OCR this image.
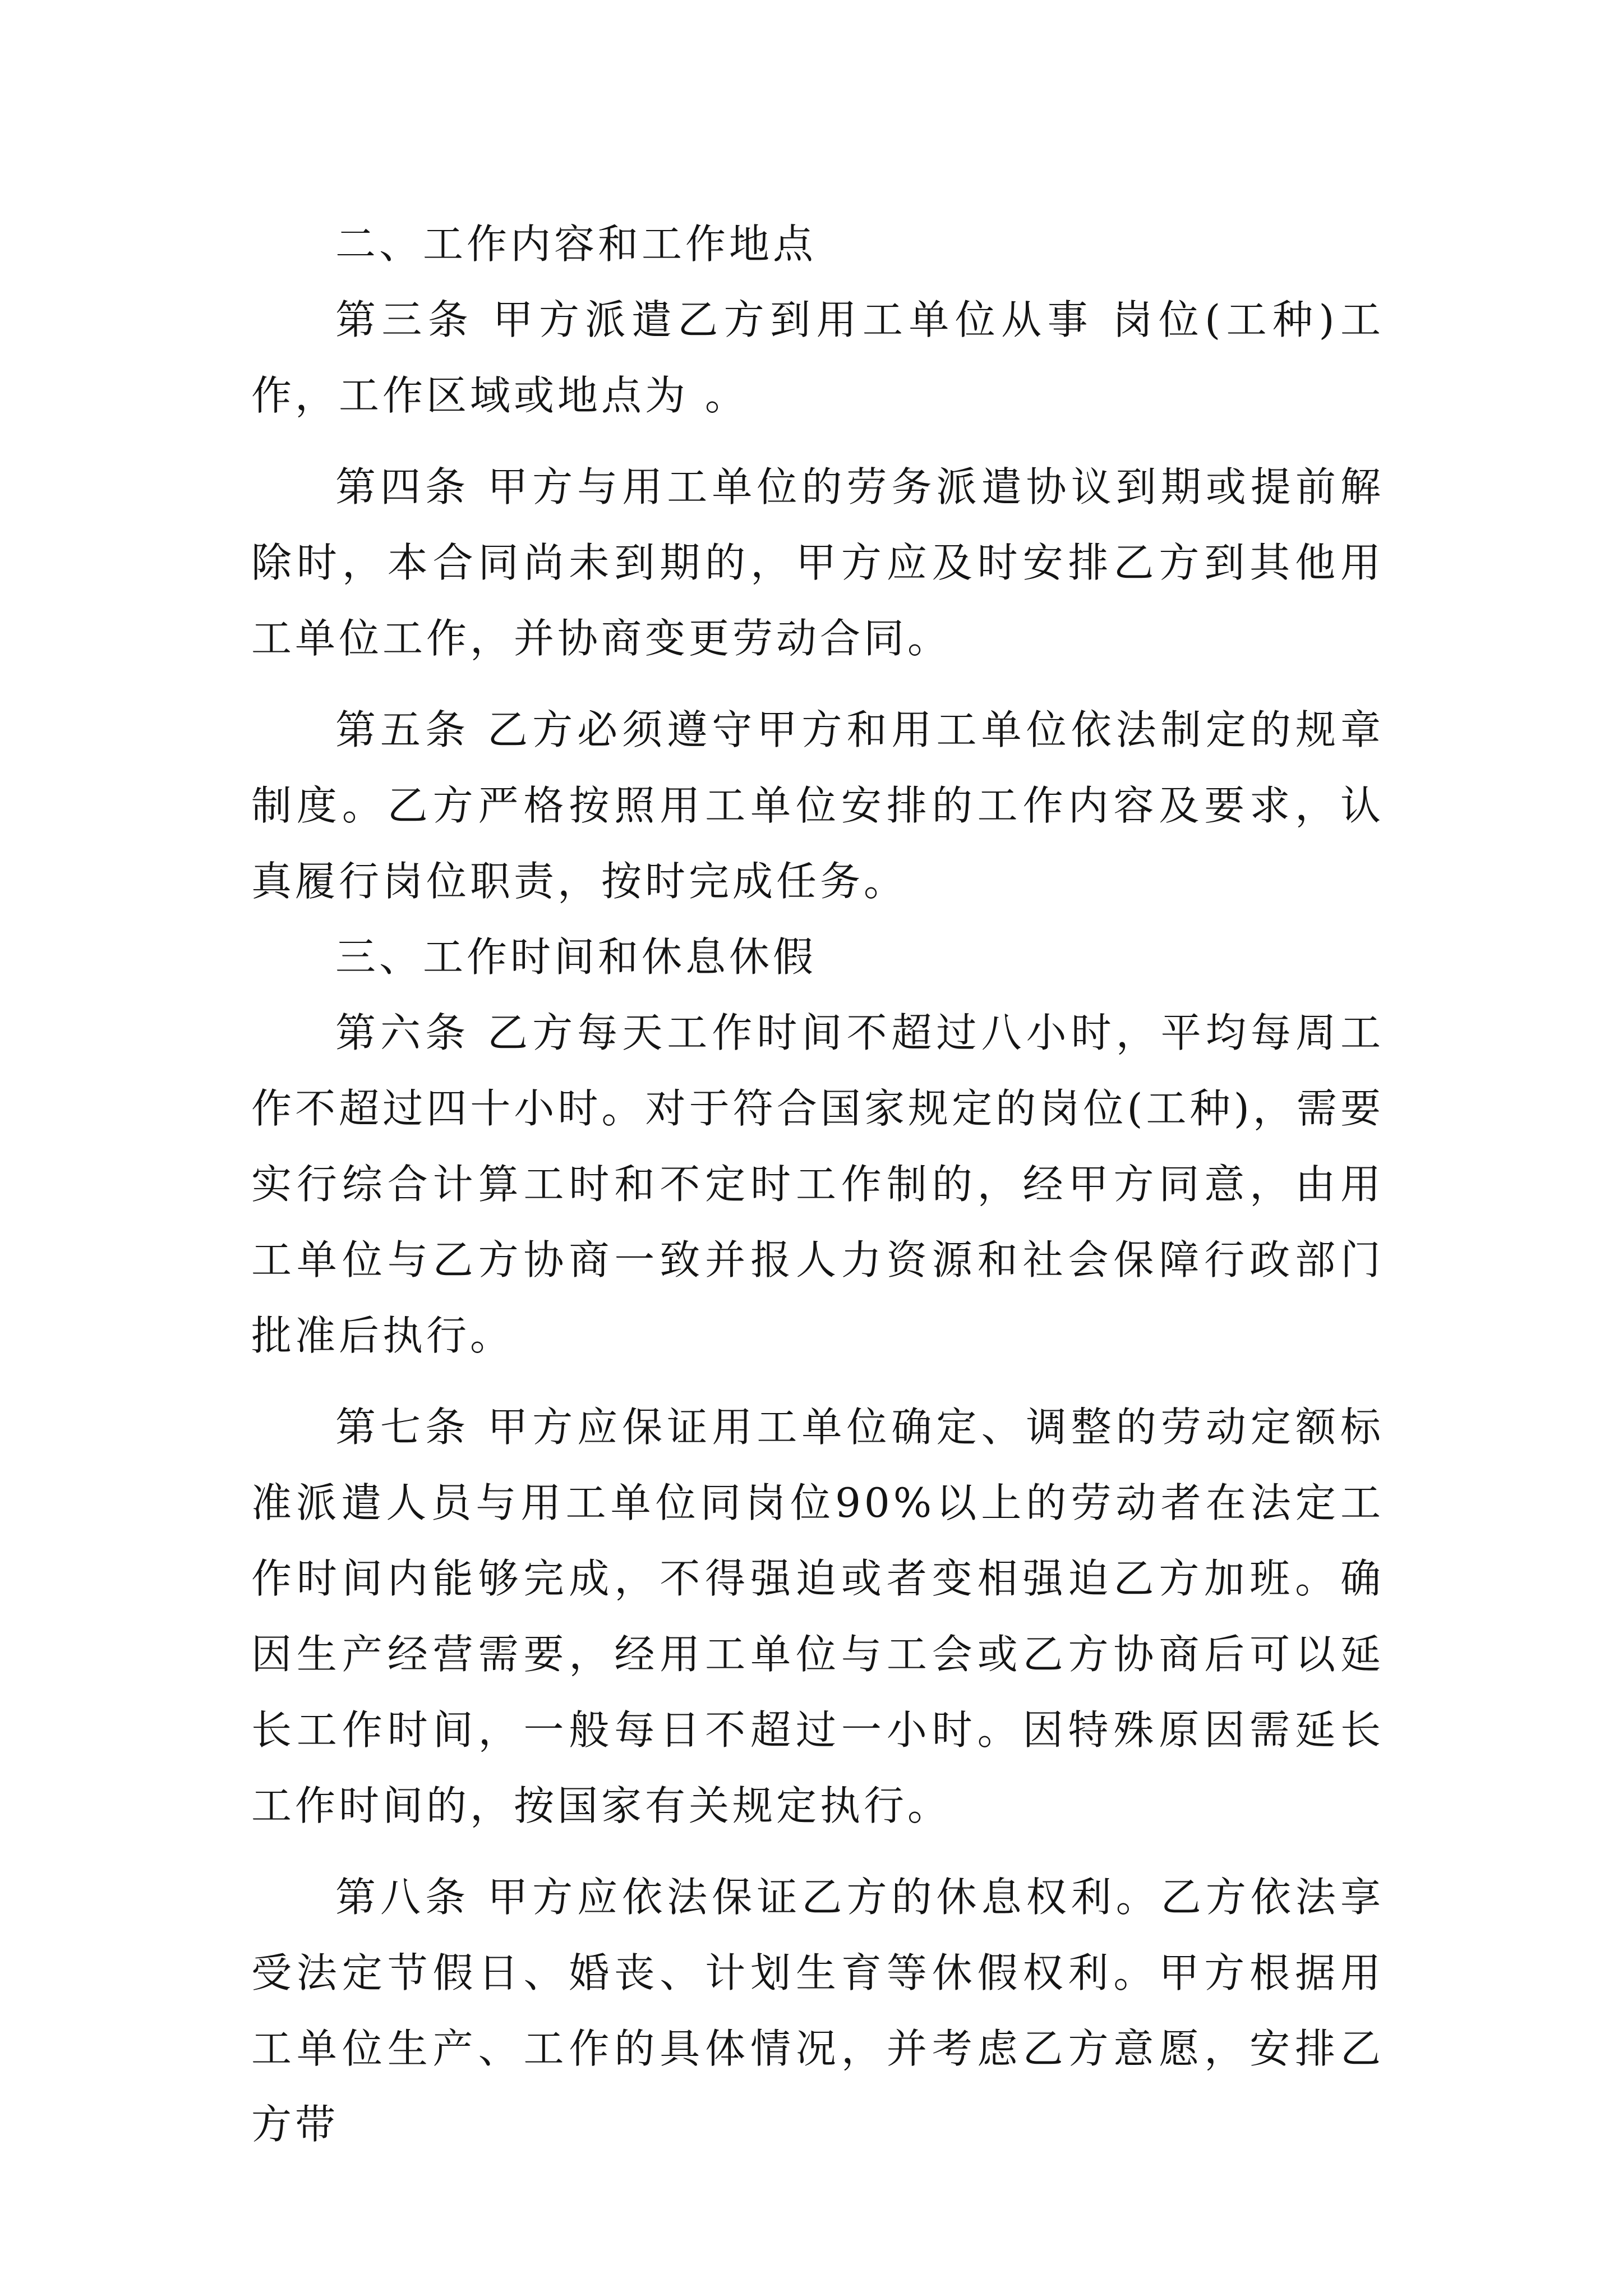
二、工作内容和工作地点

第三条 甲方派遣乙方到用工单位从事 岗位(工种)工作，工作区域或地点为 。

第四条 甲方与用工单位的劳务派遣协议到期或提前解除时，本合同尚未到期的，甲方应及时安排乙方到其他用工单位工作，并协商变更劳动合同。

第五条 乙方必须遵守甲方和用工单位依法制定的规章制度。乙方严格按照用工单位安排的工作内容及要求，认真履行岗位职责，按时完成任务。

三、工作时间和休息休假

第六条 乙方每天工作时间不超过八小时，平均每周工作不超过四十小时。对于符合国家规定的岗位(工种)，需要实行综合计算工时和不定时工作制的，经甲方同意，由用工单位与乙方协商一致并报人力资源和社会保障行政部门批准后执行。

第七条 甲方应保证用工单位确定、调整的劳动定额标准派遣人员与用工单位同岗位90%以上的劳动者在法定工作时间内能够完成，不得强迫或者变相强迫乙方加班。确因生产经营需要，经用工单位与工会或乙方协商后可以延长工作时间，一般每日不超过一小时。因特殊原因需延长工作时间的，按国家有关规定执行。

第八条 甲方应依法保证乙方的休息权利。乙方依法享受法定节假日、婚丧、计划生育等休假权利。甲方根据用工单位生产、工作的具体情况，并考虑乙方意愿，安排乙方带
